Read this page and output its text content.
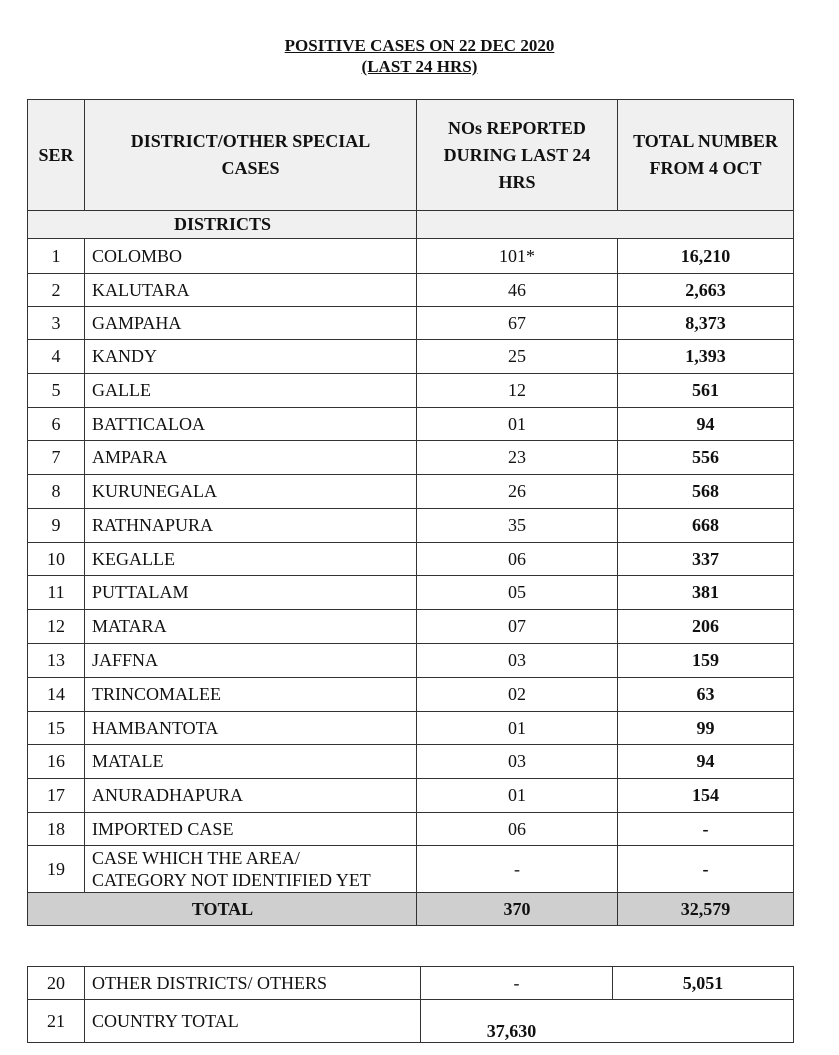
POSITIVE CASES ON 22 DEC 2020
(LAST 24 HRS)
SER	DISTRICT/OTHER SPECIAL CASES	NOs REPORTED DURING LAST 24 HRS	TOTAL NUMBER FROM 4 OCT
DISTRICTS			
1	COLOMBO	101*	16,210
2	KALUTARA	46	2,663
3	GAMPAHA	67	8,373
4	KANDY	25	1,393
5	GALLE	12	561
6	BATTICALOA	01	94
7	AMPARA	23	556
8	KURUNEGALA	26	568
9	RATHNAPURA	35	668
10	KEGALLE	06	337
11	PUTTALAM	05	381
12	MATARA	07	206
13	JAFFNA	03	159
14	TRINCOMALEE	02	63
15	HAMBANTOTA	01	99
16	MATALE	03	94
17	ANURADHAPURA	01	154
18	IMPORTED CASE	06	-
19	CASE WHICH THE AREA/
CATEGORY NOT IDENTIFIED YET	-	-
TOTAL		370	32,579
20	OTHER DISTRICTS/ OTHERS	-	5,051
21	COUNTRY TOTAL	37,630	
